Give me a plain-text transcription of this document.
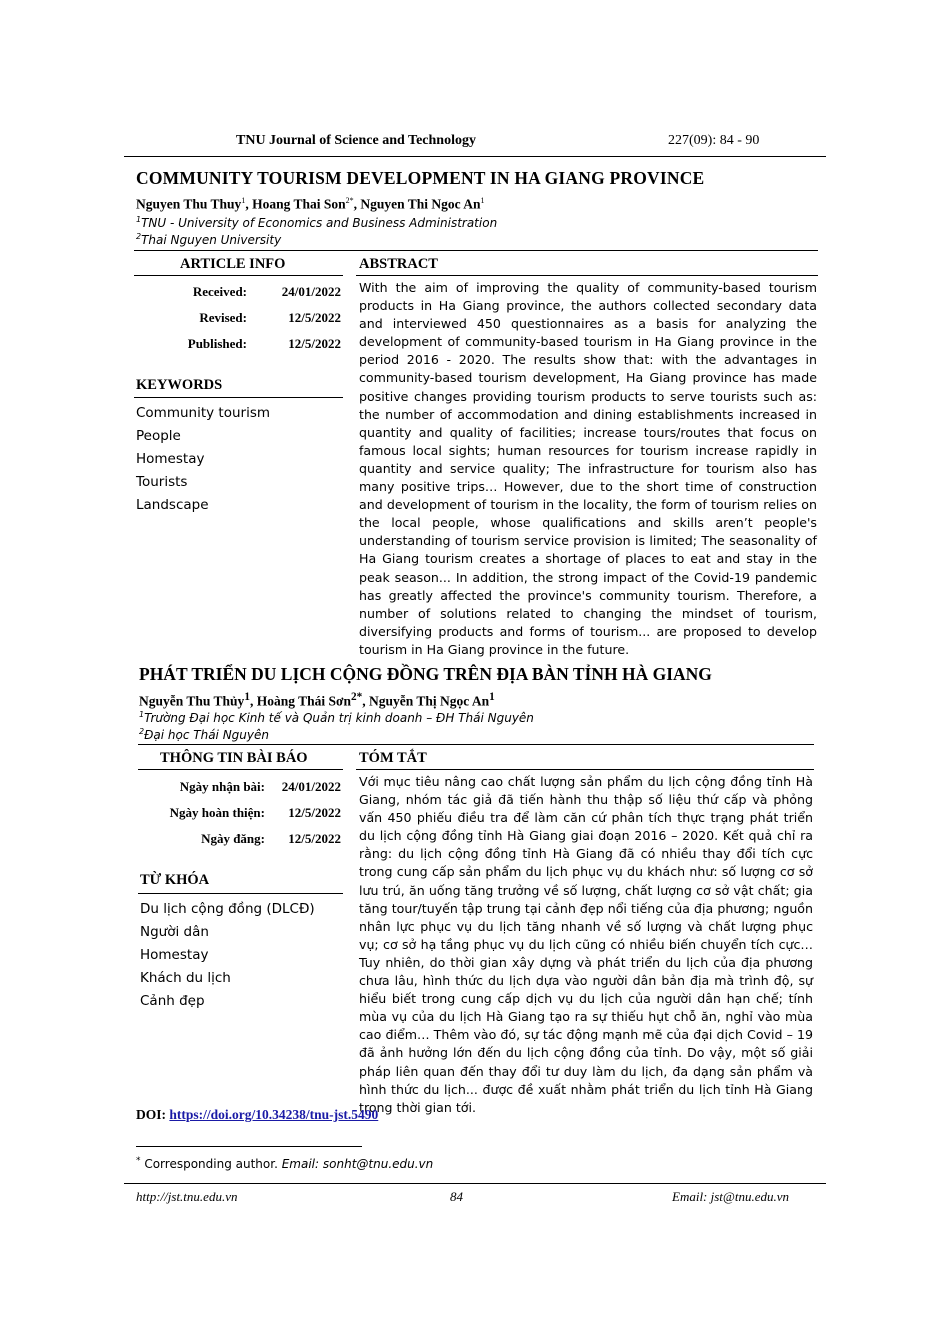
TNU Journal of Science and Technology	227(09): 84 - 90
COMMUNITY TOURISM DEVELOPMENT IN HA GIANG PROVINCE
Nguyen Thu Thuy$^1$, Hoang Thai Son$^{2*}$, Nguyen Thi Ngoc An$^1$
$^1$TNU - University of Economics and Business Administration
$^2$Thai Nguyen University
ARTICLE INFO	ABSTRACT
Received:	24/01/2022
Revised:	12/5/2022
Published:	12/5/2022
KEYWORDS
Community tourism
People
Homestay
Tourists
Landscape
With the aim of improving the quality of community-based tourism products in Ha Giang province, the authors collected secondary data and interviewed 450 questionnaires as a basis for analyzing the development of community-based tourism in Ha Giang province in the period 2016 - 2020. The results show that: with the advantages in community-based tourism development, Ha Giang province has made positive changes providing tourism products to serve tourists such as: the number of accommodation and dining establishments increased in quantity and quality of facilities; increase tours/routes that focus on famous local sights; human resources for tourism increase rapidly in quantity and service quality; The infrastructure for tourism also has many positive trips… However, due to the short time of construction and development of tourism in the locality, the form of tourism relies on the local people, whose qualifications and skills aren’t people's understanding of tourism service provision is limited; The seasonality of Ha Giang tourism creates a shortage of places to eat and stay in the peak season... In addition, the strong impact of the Covid-19 pandemic has greatly affected the province's community tourism. Therefore, a number of solutions related to changing the mindset of tourism, diversifying products and forms of tourism... are proposed to develop tourism in Ha Giang province in the future.
PHÁT TRIỂN DU LỊCH CỘNG ĐỒNG TRÊN ĐỊA BÀN TỈNH HÀ GIANG
Nguyễn Thu Thủy$^1$, Hoàng Thái Sơn$^{2*}$, Nguyễn Thị Ngọc An$^1$
$^1$Trường Đại học Kinh tế và Quản trị kinh doanh – ĐH Thái Nguyên
$^2$Đại học Thái Nguyên
THÔNG TIN BÀI BÁO	TÓM TẮT
Ngày nhận bài:	24/01/2022
Ngày hoàn thiện:	12/5/2022
Ngày đăng:	12/5/2022
TỪ KHÓA
Du lịch cộng đồng (DLCĐ)
Người dân
Homestay
Khách du lịch
Cảnh đẹp
Với mục tiêu nâng cao chất lượng sản phẩm du lịch cộng đồng tỉnh Hà Giang, nhóm tác giả đã tiến hành thu thập số liệu thứ cấp và phỏng vấn 450 phiếu điều tra để làm căn cứ phân tích thực trạng phát triển du lịch cộng đồng tỉnh Hà Giang giai đoạn 2016 – 2020. Kết quả chỉ ra rằng: du lịch cộng đồng tỉnh Hà Giang đã có nhiều thay đổi tích cực trong cung cấp sản phẩm du lịch phục vụ du khách như: số lượng cơ sở lưu trú, ăn uống tăng trưởng về số lượng, chất lượng cơ sở vật chất; gia tăng tour/tuyến tập trung tại cảnh đẹp nổi tiếng của địa phương; nguồn nhân lực phục vụ du lịch tăng nhanh về số lượng và chất lượng phục vụ; cơ sở hạ tầng phục vụ du lịch cũng có nhiều biến chuyển tích cực…Tuy nhiên, do thời gian xây dựng và phát triển du lịch của địa phương chưa lâu, hình thức du lịch dựa vào người dân bản địa mà trình độ, sự hiểu biết trong cung cấp dịch vụ du lịch của người dân hạn chế; tính mùa vụ của du lịch Hà Giang tạo ra sự thiếu hụt chỗ ăn, nghỉ vào mùa cao điểm… Thêm vào đó, sự tác động mạnh mẽ của đại dịch Covid – 19 đã ảnh hưởng lớn đến du lịch cộng đồng của tỉnh. Do vậy, một số giải pháp liên quan đến thay đổi tư duy làm du lịch, đa dạng sản phẩm và hình thức du lịch... được đề xuất nhằm phát triển du lịch tỉnh Hà Giang trong thời gian tới.
DOI: https://doi.org/10.34238/tnu-jst.5490
* Corresponding author. Email: sonht@tnu.edu.vn
http://jst.tnu.edu.vn	84	Email: jst@tnu.edu.vn
